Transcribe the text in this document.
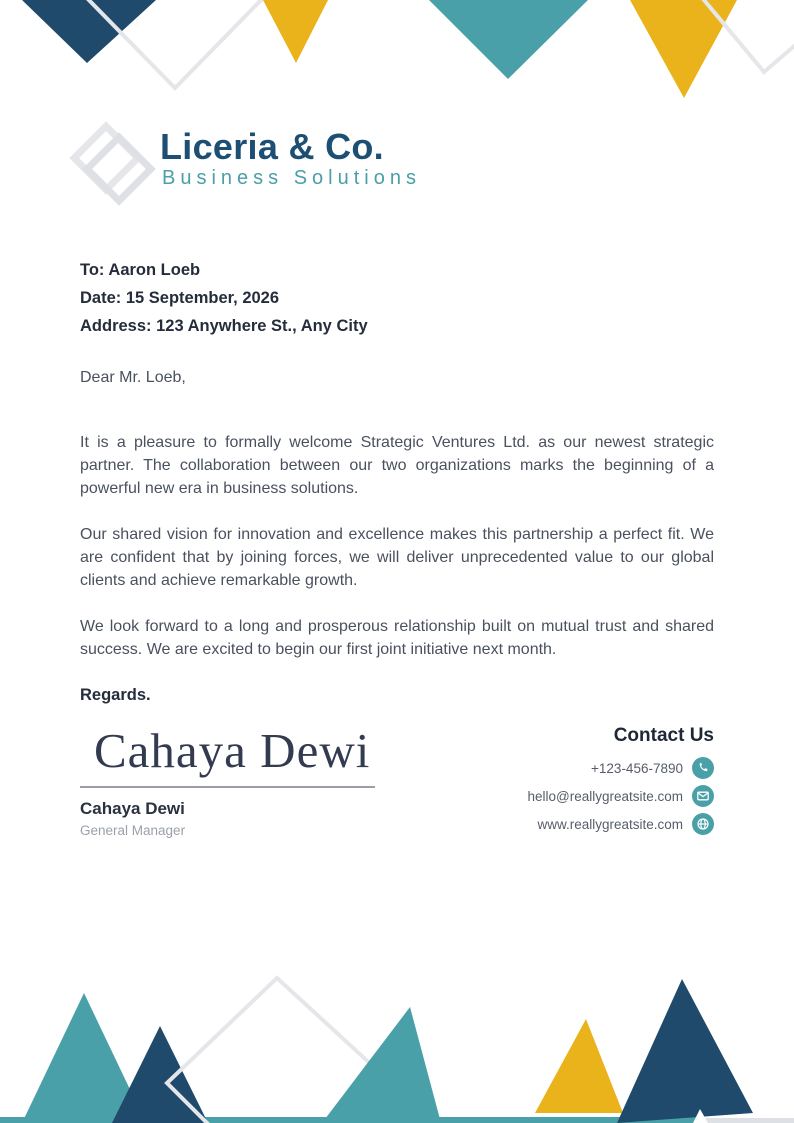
Liceria & Co.
Business Solutions
To: Aaron Loeb
Date: 15 September, 2026
Address: 123 Anywhere St., Any City
Dear Mr. Loeb,

It is a pleasure to formally welcome Strategic Ventures Ltd. as our newest strategic partner. The collaboration between our two organizations marks the beginning of a powerful new era in business solutions.

Our shared vision for innovation and excellence makes this partnership a perfect fit. We are confident that by joining forces, we will deliver unprecedented value to our global clients and achieve remarkable growth.

We look forward to a long and prosperous relationship built on mutual trust and shared success. We are excited to begin our first joint initiative next month.

Regards.
Cahaya Dewi
Cahaya Dewi
General Manager
Contact Us
+123-456-7890
hello@reallygreatsite.com
www.reallygreatsite.com
